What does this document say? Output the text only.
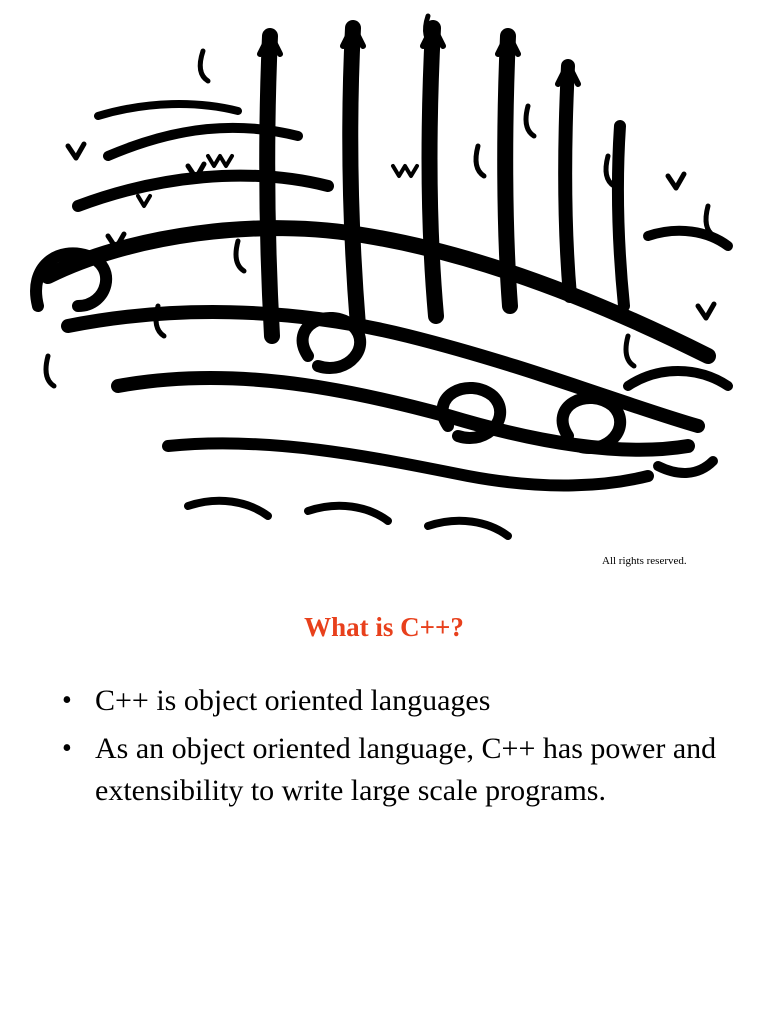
All rights reserved.
What is C++?
• C++ is object oriented languages
• As an object oriented language, C++ has power and extensibility to write large scale programs.
